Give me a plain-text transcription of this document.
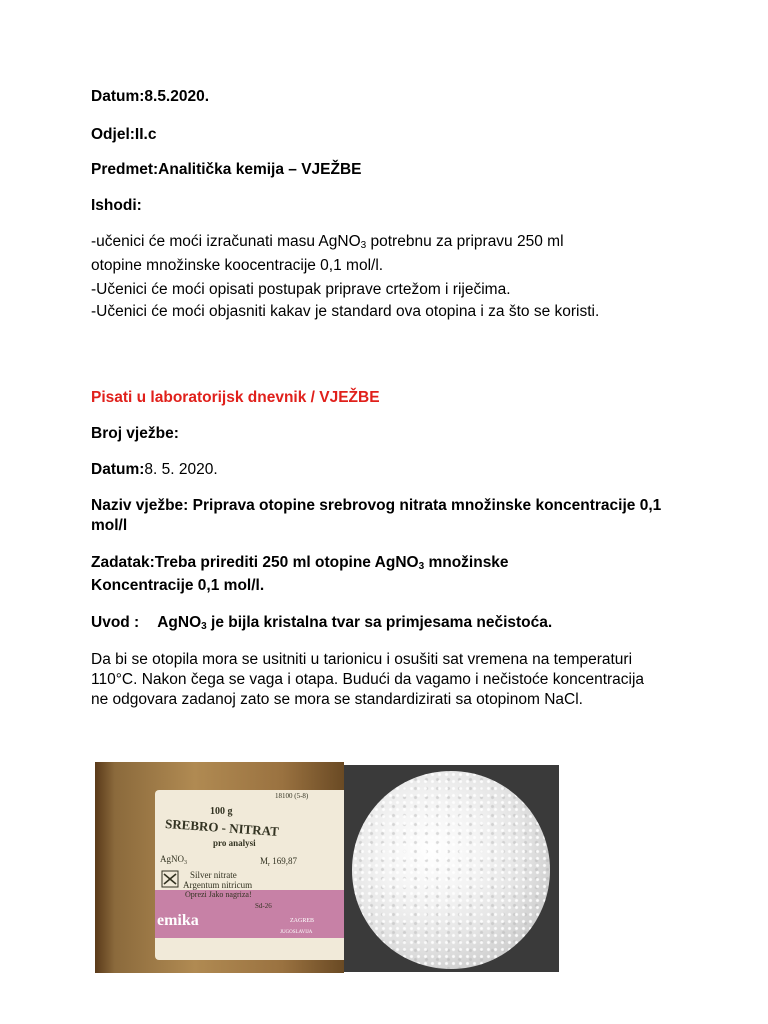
Datum:8.5.2020.
Odjel:II.c
Predmet:Analitička kemija – VJEŽBE
Ishodi:
-učenici će moći izračunati masu AgNO$_3$ potrebnu za pripravu 250 ml
otopine množinske koocentracije 0,1 mol/l.
-Učenici će moći opisati postupak priprave crtežom i riječima.
-Učenici će moći objasniti kakav je standard ova otopina i za što se koristi.
Pisati u laboratorijsk dnevnik / VJEŽBE
Broj vježbe:
Datum:8. 5. 2020.
Naziv vježbe: Priprava otopine srebrovog nitrata množinske koncentracije 0,1 mol/l
Zadatak:Treba prirediti 250 ml otopine AgNO$_3$ množinske
Koncentracije 0,1 mol/l.
Uvod : AgNO$_3$ je bijla kristalna tvar sa primjesama nečistoća.
Da bi se otopila mora se usitniti u tarionicu i osušiti sat vremena na temperaturi
110°C. Nakon čega se vaga i otapa. Budući da vagamo i nečistoće koncentracija
ne odgovara zadanoj zato se mora se standardizirati sa otopinom NaCl.
18100 (5-8)
100 g
SREBRO - NITRAT
pro analysi
AgNO$_3$	$M_r$ 169,87
Silver nitrate
Argentum nitricum
Oprezi Jako nagriza!
Sd-26
emika	ZAGREB
JUGOSLAVIJA
